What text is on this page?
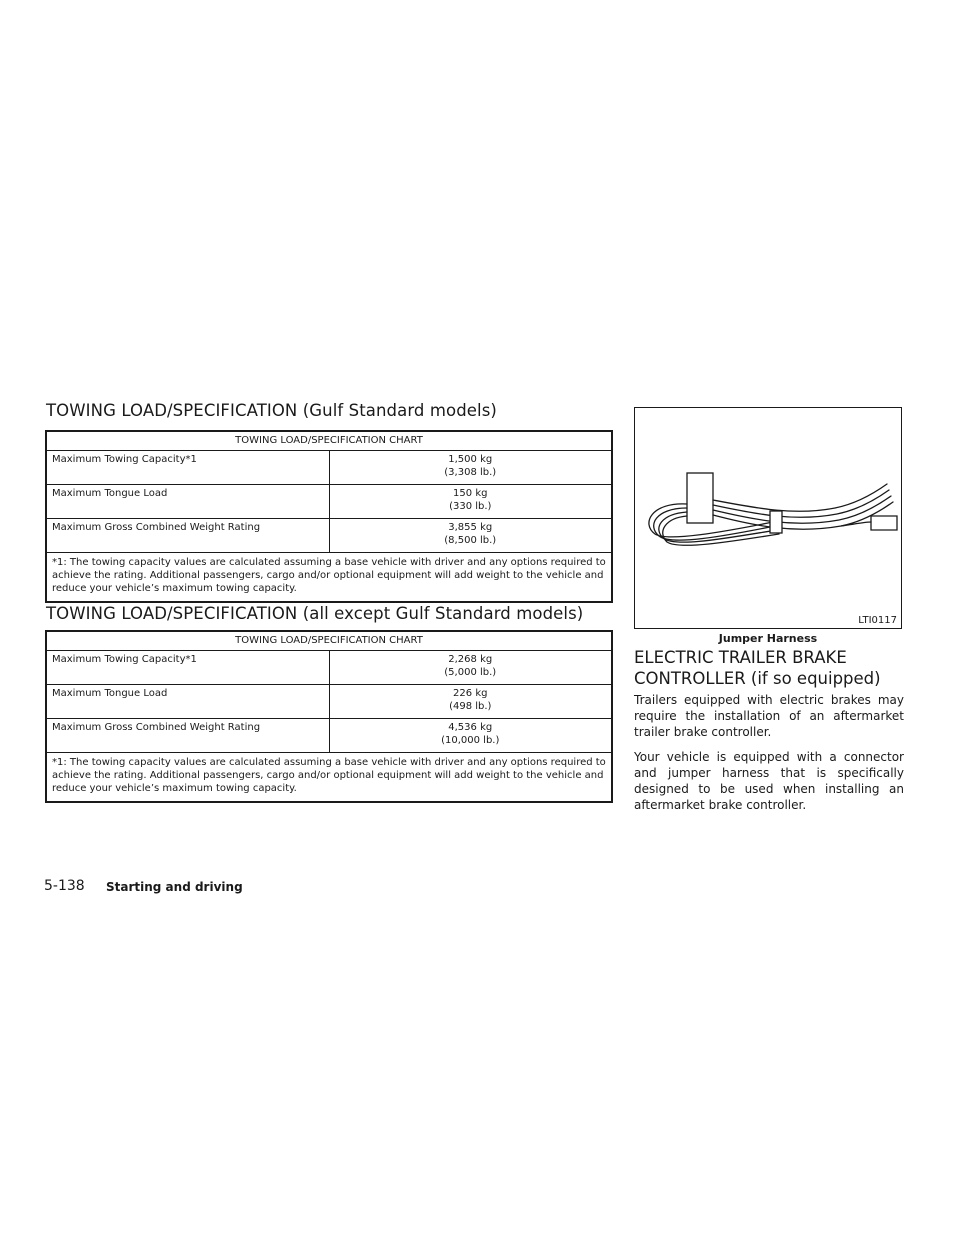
TOWING LOAD/SPECIFICATION (Gulf Standard models)
TOWING LOAD/SPECIFICATION CHART	
Maximum Towing Capacity*1	1,500 kg
(3,308 lb.)

Maximum Tongue Load	150 kg
(330 lb.)

Maximum Gross Combined Weight Rating	3,855 kg
(8,500 lb.)

*1: The towing capacity values are calculated assuming a base vehicle with driver and any options required to achieve the rating. Additional passengers, cargo and/or optional equipment will add weight to the vehicle and reduce your vehicle’s maximum towing capacity.	
TOWING LOAD/SPECIFICATION (all except Gulf Standard models)
TOWING LOAD/SPECIFICATION CHART	
Maximum Towing Capacity*1	2,268 kg
(5,000 lb.)

Maximum Tongue Load	226 kg
(498 lb.)

Maximum Gross Combined Weight Rating	4,536 kg
(10,000 lb.)

*1: The towing capacity values are calculated assuming a base vehicle with driver and any options required to achieve the rating. Additional passengers, cargo and/or optional equipment will add weight to the vehicle and reduce your vehicle’s maximum towing capacity.	
LTI0117
Jumper Harness
ELECTRIC TRAILER BRAKE CONTROLLER (if so equipped)

Trailers equipped with electric brakes may require the installation of an aftermarket trailer brake controller.

Your vehicle is equipped with a connector and jumper harness that is specifically designed to be used when installing an aftermarket brake controller.

5-138 Starting and driving
